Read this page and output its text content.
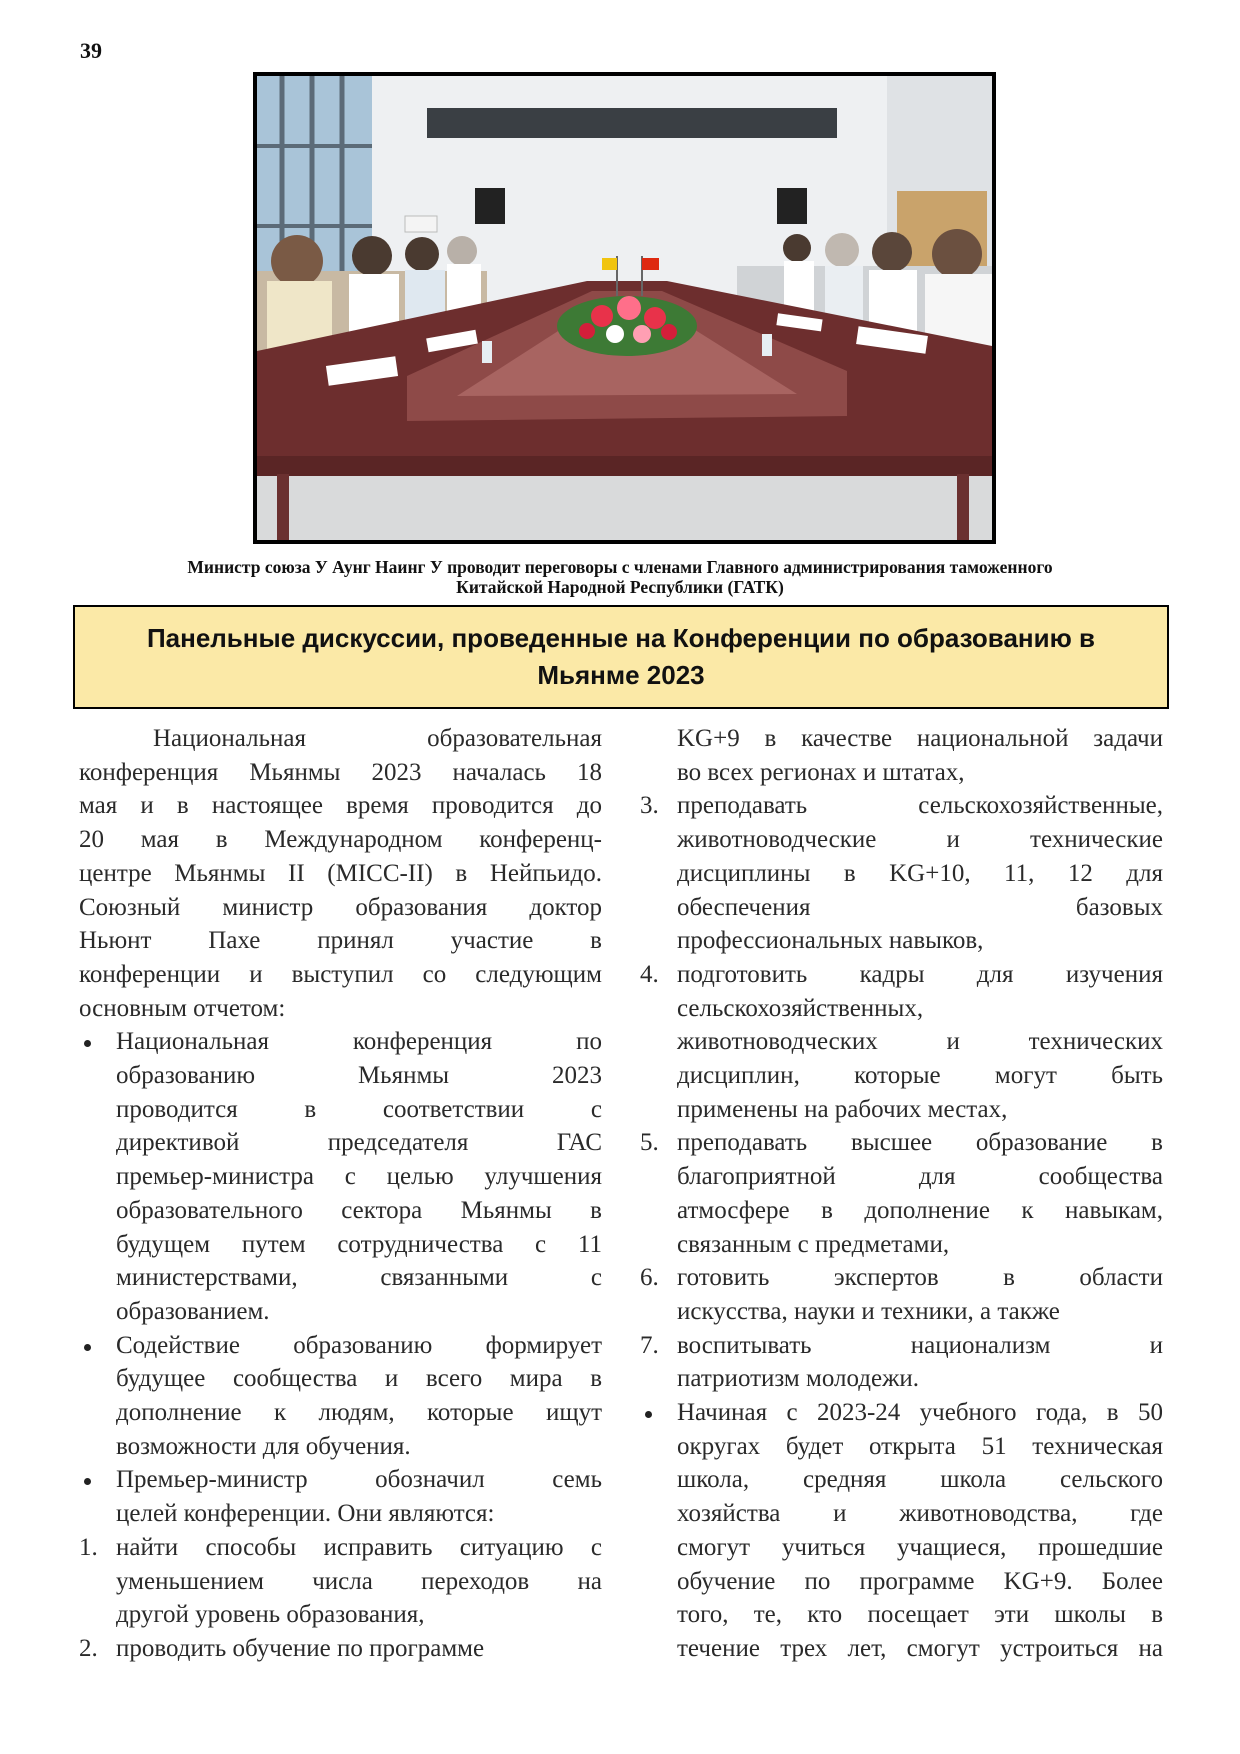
39
Министр союза У Аунг Наинг У проводит переговоры с членами Главного администрирования таможенного
Китайской Народной Республики (ГАТК)
Панельные дискуссии, проведенные на Конференции по образованию в
Мьянме 2023

Национальная образовательная
конференция Мьянмы 2023 началась 18
мая и в настоящее время проводится до
20 мая в Международном конференц-
центре Мьянмы II (MICC-II) в Нейпьидо.
Союзный министр образования доктор
Ньюнт Пахе принял участие в
конференции и выступил со следующим
основным отчетом:

Национальная конференция по
образованию Мьянмы 2023
проводится в соответствии с
директивой председателя ГАС
премьер-министра с целью улучшения
образовательного сектора Мьянмы в
будущем путем сотрудничества с 11
министерствами, связанными с
образованием.
Содействие образованию формирует
будущее сообщества и всего мира в
дополнение к людям, которые ищут
возможности для обучения.
Премьер-министр обозначил семь
целей конференции. Они являются:
1. найти способы исправить ситуацию с
уменьшением числа переходов на
другой уровень образования,
2. проводить обучение по программе

KG+9 в качестве национальной задачи
во всех регионах и штатах,

3. преподавать сельскохозяйственные,
животноводческие и технические
дисциплины в KG+10, 11, 12 для
обеспечения базовых
профессиональных навыков,
4. подготовить кадры для изучения
сельскохозяйственных,
животноводческих и технических
дисциплин, которые могут быть
применены на рабочих местах,
5. преподавать высшее образование в
благоприятной для сообщества
атмосфере в дополнение к навыкам,
связанным с предметами,
6. готовить экспертов в области
искусства, науки и техники, а также
7. воспитывать национализм и
патриотизм молодежи.
Начиная с 2023-24 учебного года, в 50
округах будет открыта 51 техническая
школа, средняя школа сельского
хозяйства и животноводства, где
смогут учиться учащиеся, прошедшие
обучение по программе KG+9. Более
того, те, кто посещает эти школы в
течение трех лет, смогут устроиться на
